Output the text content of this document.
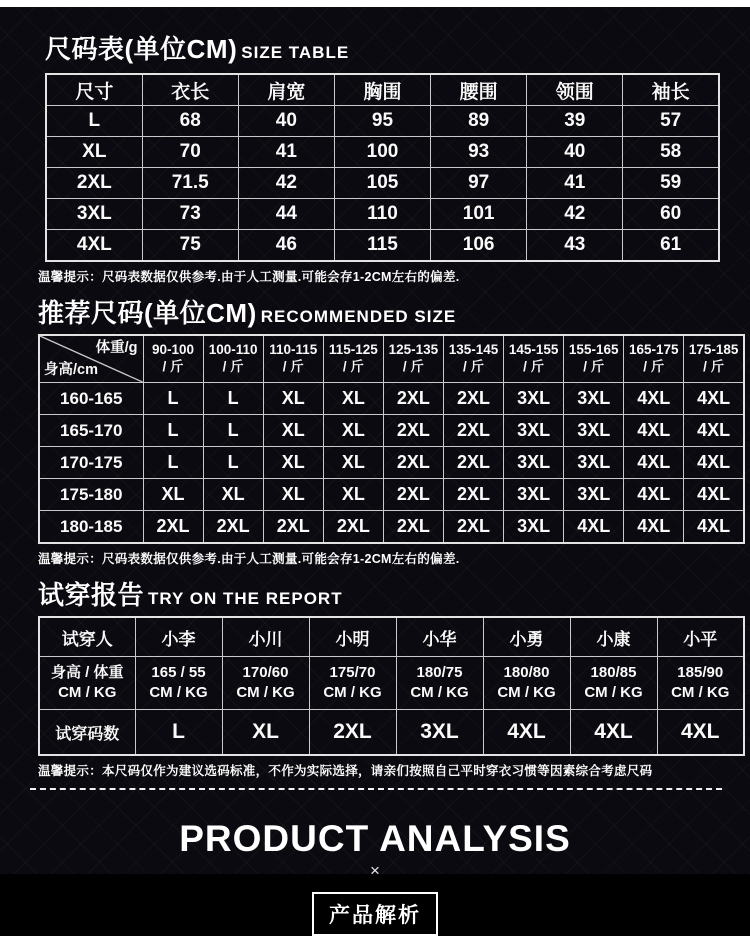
尺码表(单位CM) SIZE TABLE
尺寸	衣长	肩宽	胸围	腰围	领围	袖长
L	68	40	95	89	39	57
XL	70	41	100	93	40	58
2XL	71.5	42	105	97	41	59
3XL	73	44	110	101	42	60
4XL	75	46	115	106	43	61

温馨提示：尺码表数据仅供参考.由于人工测量.可能会存1-2CM左右的偏差.

推荐尺码(单位CM) RECOMMENDED SIZE
体重/g
身高/cm	90-100
/ 斤	100-110
/ 斤	110-115
/ 斤	115-125
/ 斤	125-135
/ 斤	135-145
/ 斤	145-155
/ 斤	155-165
/ 斤	165-175
/ 斤	175-185
/ 斤
160-165	L	L	XL	XL	2XL	2XL	3XL	3XL	4XL	4XL
165-170	L	L	XL	XL	2XL	2XL	3XL	3XL	4XL	4XL
170-175	L	L	XL	XL	2XL	2XL	3XL	3XL	4XL	4XL
175-180	XL	XL	XL	XL	2XL	2XL	3XL	3XL	4XL	4XL
180-185	2XL	2XL	2XL	2XL	2XL	2XL	3XL	4XL	4XL	4XL

温馨提示：尺码表数据仅供参考.由于人工测量.可能会存1-2CM左右的偏差.

试穿报告 TRY ON THE REPORT
试穿人	小李	小川	小明	小华	小勇	小康	小平
身高 / 体重
CM / KG	165 / 55
CM / KG	170/60
CM / KG	175/70
CM / KG	180/75
CM / KG	180/80
CM / KG	180/85
CM / KG	185/90
CM / KG
试穿码数	L	XL	2XL	3XL	4XL	4XL	4XL

温馨提示：本尺码仅作为建议选码标准，不作为实际选择，请亲们按照自己平时穿衣习惯等因素综合考虑尺码

PRODUCT ANALYSIS
×
产品解析
